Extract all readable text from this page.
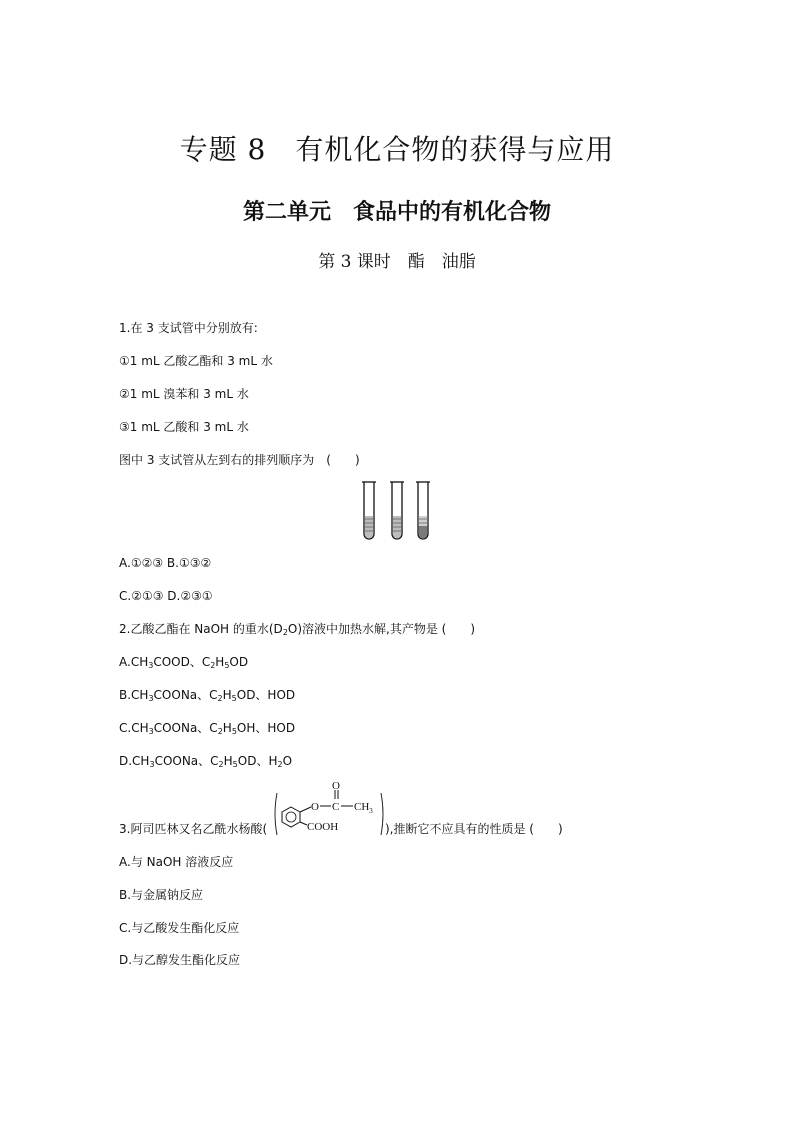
专题 8　有机化合物的获得与应用
第二单元　食品中的有机化合物
第 3 课时　酯　油脂
1.在 3 支试管中分别放有:
①1 mL 乙酸乙酯和 3 mL 水
②1 mL 溴苯和 3 mL 水
③1 mL 乙酸和 3 mL 水
图中 3 支试管从左到右的排列顺序为　(　　)
A.①②③ B.①③②
C.②①③ D.②③①
2.乙酸乙酯在 NaOH 的重水$(D_2O)$溶液中加热水解,其产物是 (　　)
$A.CH_3COOD$、$C_2H_5OD$
$B.CH_3COONa$、$C_2H_5OD$、HOD
$C.CH_3COONa$、$C_2H_5OH$、HOD
$D.CH_3COONa$、$C_2H_5OD$、$H_2O$
3.阿司匹林又名乙酰水杨酸(
O C
O
$CH_3$
COOH	),推断它不应具有的性质是 (　　)
A.与 NaOH 溶液反应
B.与金属钠反应
C.与乙酸发生酯化反应
D.与乙醇发生酯化反应
